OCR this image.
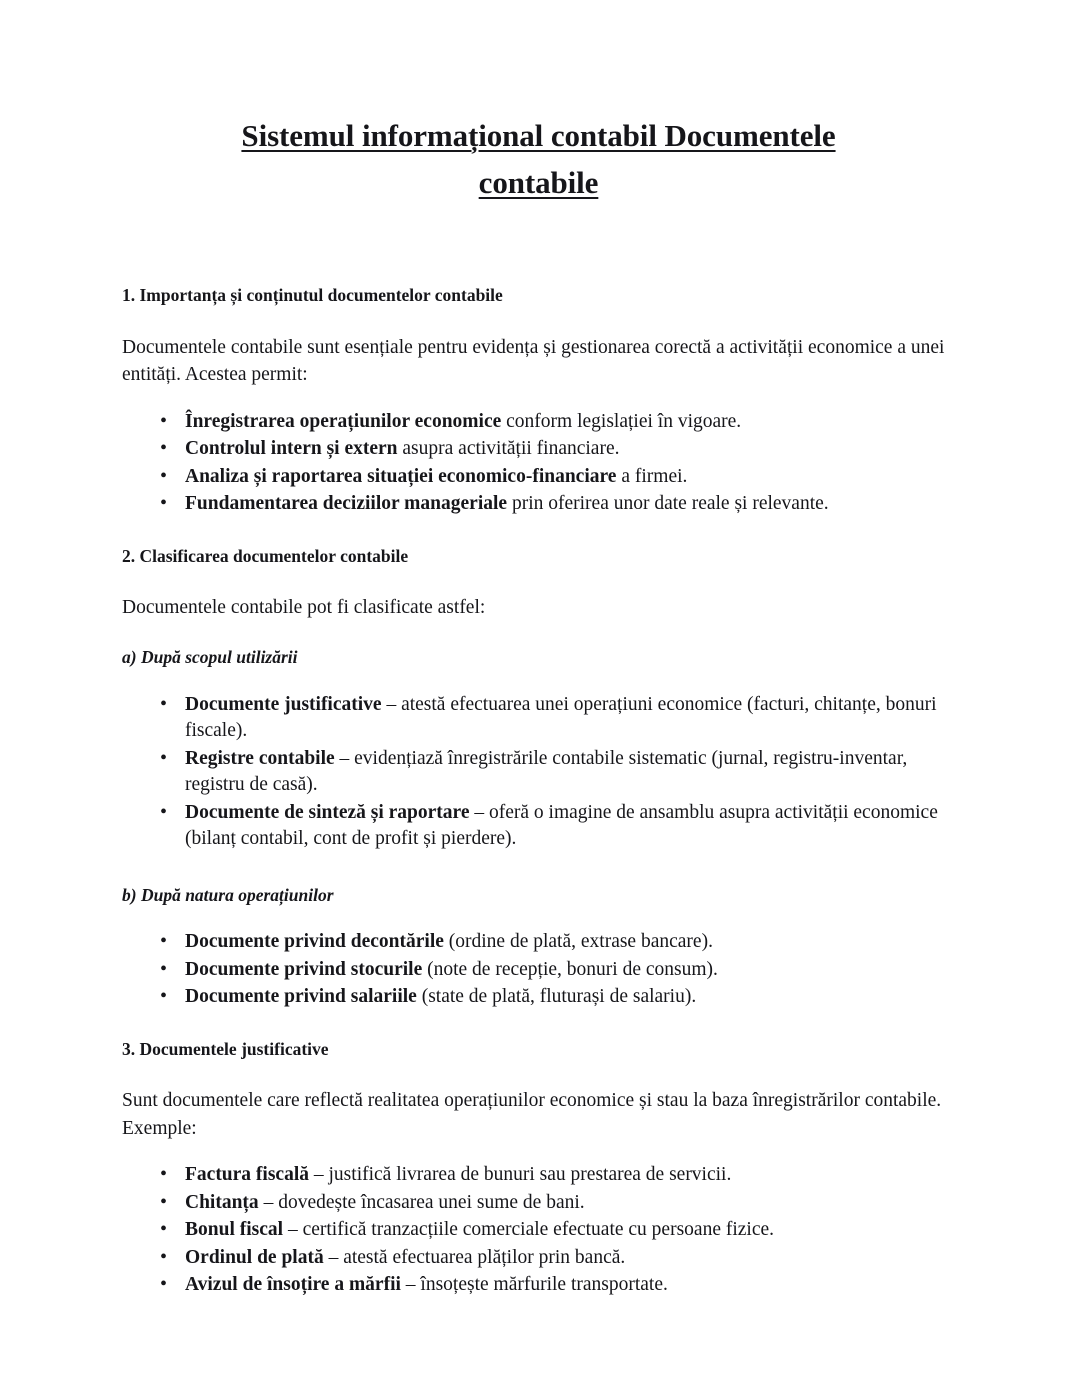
Sistemul informațional contabil Documentele
contabile
1. Importanța și conținutul documentelor contabile

Documentele contabile sunt esențiale pentru evidența și gestionarea corectă a activității economice a unei entități. Acestea permit:

• Înregistrarea operațiunilor economice conform legislației în vigoare.
• Controlul intern și extern asupra activității financiare.
• Analiza și raportarea situației economico-financiare a firmei.
• Fundamentarea deciziilor manageriale prin oferirea unor date reale și relevante.
2. Clasificarea documentelor contabile

Documentele contabile pot fi clasificate astfel:

a) După scopul utilizării
• Documente justificative – atestă efectuarea unei operațiuni economice (facturi, chitanțe, bonuri fiscale).
• Registre contabile – evidențiază înregistrările contabile sistematic (jurnal, registru-inventar, registru de casă).
• Documente de sinteză și raportare – oferă o imagine de ansamblu asupra activității economice (bilanț contabil, cont de profit și pierdere).
b) După natura operațiunilor
• Documente privind decontările (ordine de plată, extrase bancare).
• Documente privind stocurile (note de recepție, bonuri de consum).
• Documente privind salariile (state de plată, fluturași de salariu).
3. Documentele justificative

Sunt documentele care reflectă realitatea operațiunilor economice și stau la baza înregistrărilor contabile. Exemple:

• Factura fiscală – justifică livrarea de bunuri sau prestarea de servicii.
• Chitanța – dovedește încasarea unei sume de bani.
• Bonul fiscal – certifică tranzacțiile comerciale efectuate cu persoane fizice.
• Ordinul de plată – atestă efectuarea plăților prin bancă.
• Avizul de însoțire a mărfii – însoțește mărfurile transportate.
